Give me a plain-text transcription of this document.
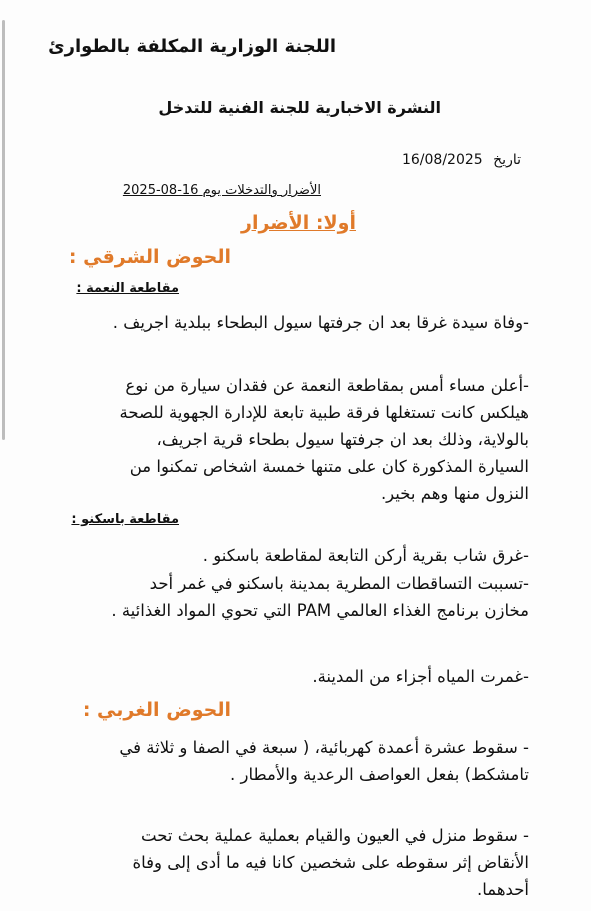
اللجنة الوزارية المكلفة بالطوارئ
النشرة الاخبارية للجنة الفنية للتدخل
تاريخ 16/08/2025
الأضرار والتدخلات يوم 2025-08-16
أولا: الأضرار
الحوض الشرقي :
مقاطعة النعمة :

-وفاة سيدة غرقا بعد ان جرفتها سيول البطحاء ببلدية اجريف .

-أعلن مساء أمس بمقاطعة النعمة عن فقدان سيارة من نوع هيلكس كانت تستغلها فرقة طبية تابعة للإدارة الجهوية للصحة بالولاية، وذلك بعد ان جرفتها سيول بطحاء قرية اجريف، السيارة المذكورة كان على متنها خمسة اشخاص تمكنوا من النزول منها وهم بخير.

مقاطعة باسكنو :

-غرق شاب بقرية أركن التابعة لمقاطعة باسكنو .

-تسببت التساقطات المطرية بمدينة باسكنو في غمر أحد مخازن برنامج الغذاء العالمي PAM التي تحوي المواد الغذائية .

-غمرت المياه أجزاء من المدينة.

الحوض الغربي :

- سقوط عشرة أعمدة كهربائية، ( سبعة في الصفا و ثلاثة في تامشكط) بفعل العواصف الرعدية والأمطار .

- سقوط منزل في العيون والقيام بعملية عملية بحث تحت الأنقاض إثر سقوطه على شخصين كانا فيه ما أدى إلى وفاة أحدهما.
